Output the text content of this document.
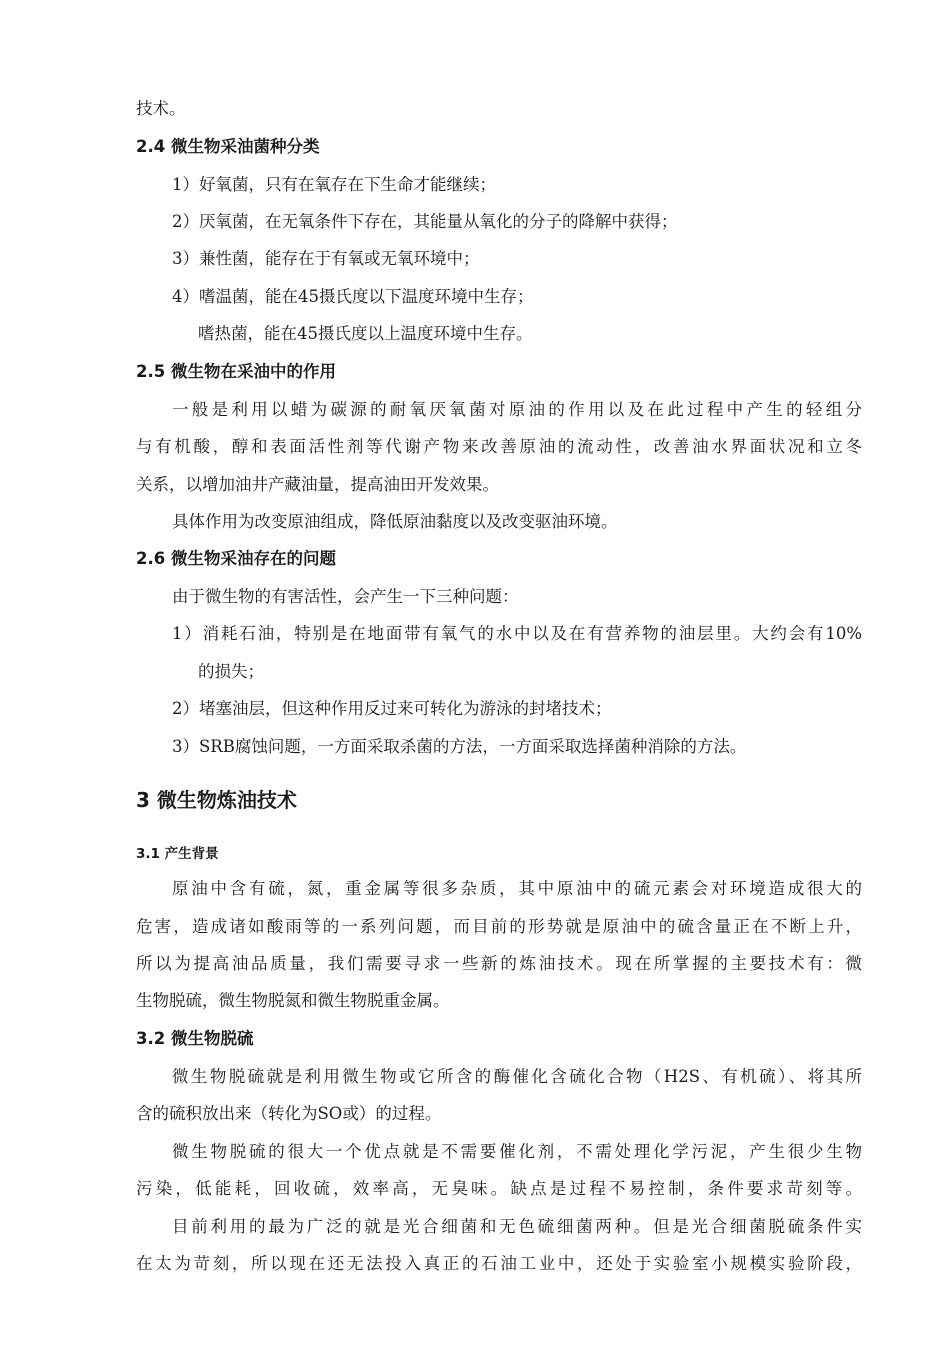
技术。
2.4 微生物采油菌种分类
1）好氧菌，只有在氧存在下生命才能继续；
2）厌氧菌，在无氧条件下存在，其能量从氧化的分子的降解中获得；
3）兼性菌，能存在于有氧或无氧环境中；
4）嗜温菌，能在45摄氏度以下温度环境中生存；
嗜热菌，能在45摄氏度以上温度环境中生存。
2.5 微生物在采油中的作用
一般是利用以蜡为碳源的耐氧厌氧菌对原油的作用以及在此过程中产生的轻组分
与有机酸，醇和表面活性剂等代谢产物来改善原油的流动性，改善油水界面状况和立冬
关系，以增加油井产藏油量，提高油田开发效果。
具体作用为改变原油组成，降低原油黏度以及改变驱油环境。
2.6 微生物采油存在的问题
由于微生物的有害活性，会产生一下三种问题：
1）消耗石油，特别是在地面带有氧气的水中以及在有营养物的油层里。大约会有10%
的损失；
2）堵塞油层，但这种作用反过来可转化为游泳的封堵技术；
3）SRB腐蚀问题，一方面采取杀菌的方法，一方面采取选择菌种消除的方法。
3 微生物炼油技术
3.1 产生背景
原油中含有硫，氮，重金属等很多杂质，其中原油中的硫元素会对环境造成很大的
危害，造成诸如酸雨等的一系列问题，而目前的形势就是原油中的硫含量正在不断上升，
所以为提高油品质量，我们需要寻求一些新的炼油技术。现在所掌握的主要技术有：微
生物脱硫，微生物脱氮和微生物脱重金属。
3.2 微生物脱硫
微生物脱硫就是利用微生物或它所含的酶催化含硫化合物（H2S、有机硫）、将其所
含的硫积放出来（转化为SO或）的过程。
微生物脱硫的很大一个优点就是不需要催化剂，不需处理化学污泥，产生很少生物
污染，低能耗，回收硫，效率高，无臭味。缺点是过程不易控制，条件要求苛刻等。
目前利用的最为广泛的就是光合细菌和无色硫细菌两种。但是光合细菌脱硫条件实
在太为苛刻，所以现在还无法投入真正的石油工业中，还处于实验室小规模实验阶段，
